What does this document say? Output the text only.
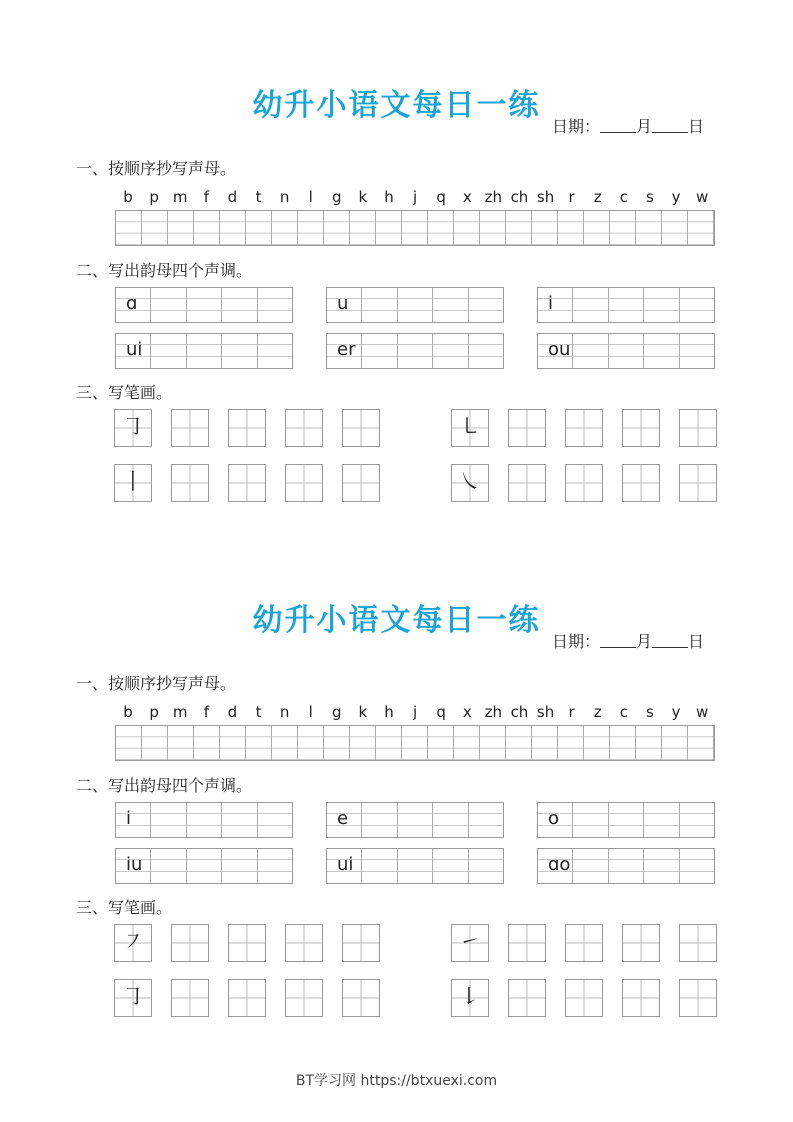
幼升小语文每日一练
日期： 月 日
一、按顺序抄写声母。
二、写出韵母四个声调。
三、写笔画。
b	p m	f	d	t	n	l	g	k	h	j	q	x zh ch sh r	z	c	s	y	w
ɑ	u	i
ui	er	ou
㇆	㇄
丨	㇏
幼升小语文每日一练
日期： 月 日
一、按顺序抄写声母。
二、写出韵母四个声调。
三、写笔画。
b	p m	f	d	t	n	l	g	k	h	j	q	x zh ch sh r	z	c	s	y	w
i	e	o
iu	ui	ɑo
㇇	㇀
㇆	㇙
BT学习网 https://btxuexi.com
